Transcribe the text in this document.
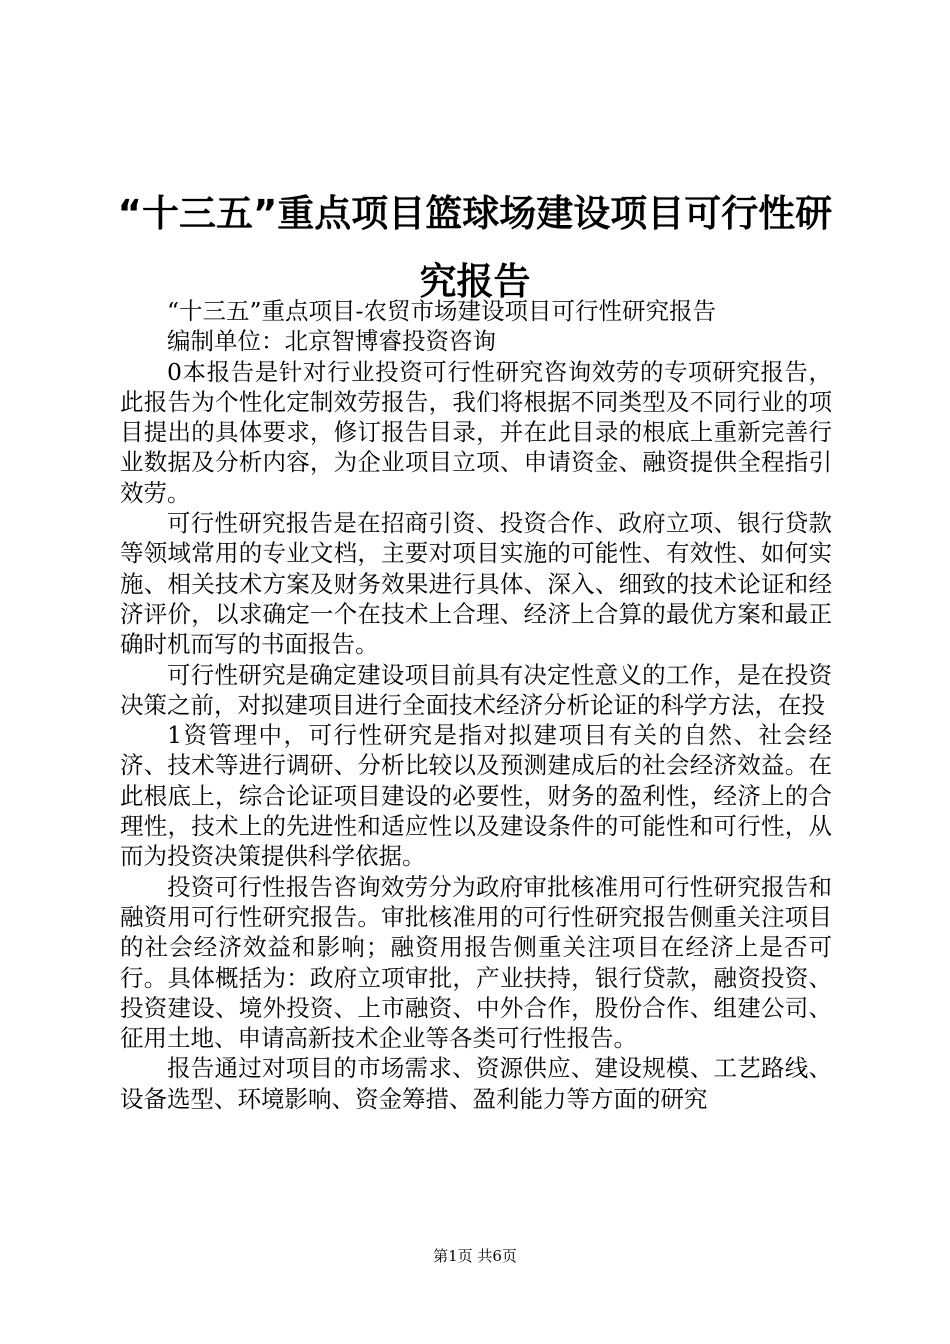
“十三五”重点项目篮球场建设项目可行性研究报告

“十三五”重点项目-农贸市场建设项目可行性研究报告

编制单位：北京智博睿投资咨询

0本报告是针对行业投资可行性研究咨询效劳的专项研究报告，此报告为个性化定制效劳报告，我们将根据不同类型及不同行业的项目提出的具体要求，修订报告目录，并在此目录的根底上重新完善行业数据及分析内容，为企业项目立项、申请资金、融资提供全程指引效劳。

可行性研究报告是在招商引资、投资合作、政府立项、银行贷款等领域常用的专业文档，主要对项目实施的可能性、有效性、如何实施、相关技术方案及财务效果进行具体、深入、细致的技术论证和经济评价，以求确定一个在技术上合理、经济上合算的最优方案和最正确时机而写的书面报告。

可行性研究是确定建设项目前具有决定性意义的工作，是在投资决策之前，对拟建项目进行全面技术经济分析论证的科学方法，在投

1资管理中，可行性研究是指对拟建项目有关的自然、社会经济、技术等进行调研、分析比较以及预测建成后的社会经济效益。在此根底上，综合论证项目建设的必要性，财务的盈利性，经济上的合理性，技术上的先进性和适应性以及建设条件的可能性和可行性，从而为投资决策提供科学依据。

投资可行性报告咨询效劳分为政府审批核准用可行性研究报告和融资用可行性研究报告。审批核准用的可行性研究报告侧重关注项目的社会经济效益和影响；融资用报告侧重关注项目在经济上是否可行。具体概括为：政府立项审批，产业扶持，银行贷款，融资投资、投资建设、境外投资、上市融资、中外合作，股份合作、组建公司、征用土地、申请高新技术企业等各类可行性报告。

报告通过对项目的市场需求、资源供应、建设规模、工艺路线、设备选型、环境影响、资金筹措、盈利能力等方面的研究

第1页 共6页
